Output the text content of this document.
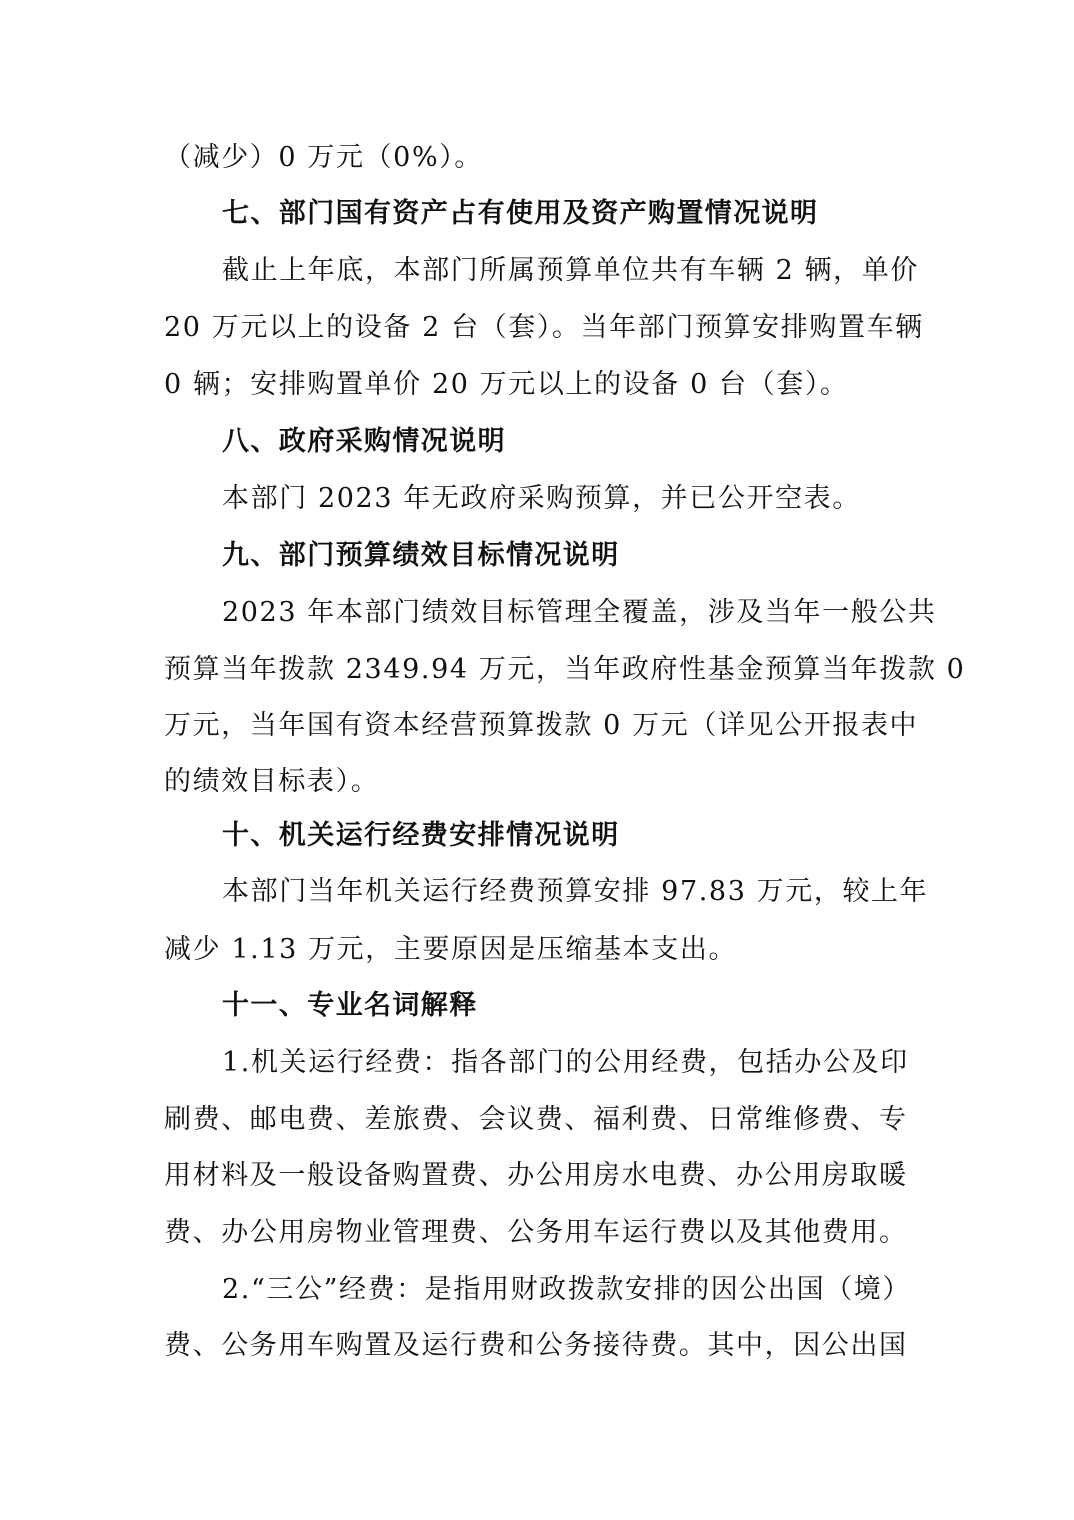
（减少）0 万元（0%）。
七、部门国有资产占有使用及资产购置情况说明
截止上年底，本部门所属预算单位共有车辆 2 辆，单价
20 万元以上的设备 2 台（套）。当年部门预算安排购置车辆
0 辆；安排购置单价 20 万元以上的设备 0 台（套）。
八、政府采购情况说明
本部门 2023 年无政府采购预算，并已公开空表。
九、部门预算绩效目标情况说明
2023 年本部门绩效目标管理全覆盖，涉及当年一般公共
预算当年拨款 2349.94 万元，当年政府性基金预算当年拨款 0
万元，当年国有资本经营预算拨款 0 万元（详见公开报表中
的绩效目标表）。
十、机关运行经费安排情况说明
本部门当年机关运行经费预算安排 97.83 万元，较上年
减少 1.13 万元，主要原因是压缩基本支出。
十一、专业名词解释
1.机关运行经费：指各部门的公用经费，包括办公及印
刷费、邮电费、差旅费、会议费、福利费、日常维修费、专
用材料及一般设备购置费、办公用房水电费、办公用房取暖
费、办公用房物业管理费、公务用车运行费以及其他费用。
2.“三公”经费：是指用财政拨款安排的因公出国（境）
费、公务用车购置及运行费和公务接待费。其中，因公出国
